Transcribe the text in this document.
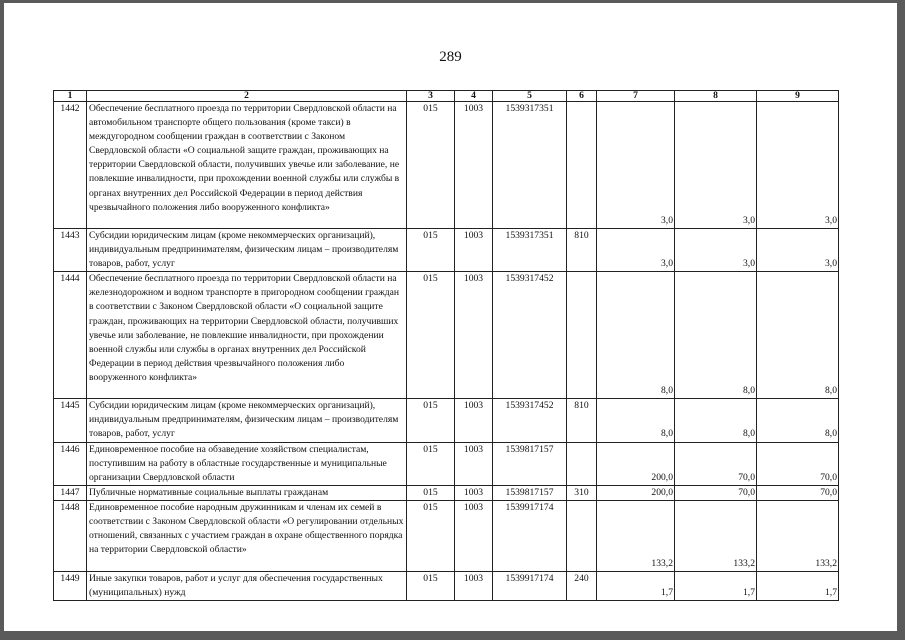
289
1	2	3	4	5	6	7	8	9
1442	Обеспечение бесплатного проезда по территории Свердловской области на автомобильном транспорте общего пользования (кроме такси) в междугородном сообщении граждан в соответствии с Законом Свердловской области «О социальной защите граждан, проживающих на территории Свердловской области, получивших увечье или заболевание, не повлекшие инвалидности, при прохождении военной службы или службы в органах внутренних дел Российской Федерации в период действия чрезвычайного положения либо вооруженного конфликта»	015	1003	1539317351		3,0	3,0	3,0
1443	Субсидии юридическим лицам (кроме некоммерческих организаций), индивидуальным предпринимателям, физическим лицам – производителям товаров, работ, услуг	015	1003	1539317351	810	3,0	3,0	3,0
1444	Обеспечение бесплатного проезда по территории Свердловской области на железнодорожном и водном транспорте в пригородном сообщении граждан в соответствии с Законом Свердловской области «О социальной защите граждан, проживающих на территории Свердловской области, получивших увечье или заболевание, не повлекшие инвалидности, при прохождении военной службы или службы в органах внутренних дел Российской Федерации в период действия чрезвычайного положения либо вооруженного конфликта»	015	1003	1539317452		8,0	8,0	8,0
1445	Субсидии юридическим лицам (кроме некоммерческих организаций), индивидуальным предпринимателям, физическим лицам – производителям товаров, работ, услуг	015	1003	1539317452	810	8,0	8,0	8,0
1446	Единовременное пособие на обзаведение хозяйством специалистам, поступившим на работу в областные государственные и муниципальные организации Свердловской области	015	1003	1539817157		200,0	70,0	70,0
1447	Публичные нормативные социальные выплаты гражданам	015	1003	1539817157	310	200,0	70,0	70,0
1448	Единовременное пособие народным дружинникам и членам их семей в соответствии с Законом Свердловской области «О регулировании отдельных отношений, связанных с участием граждан в охране общественного порядка на территории Свердловской области»	015	1003	1539917174		133,2	133,2	133,2
1449	Иные закупки товаров, работ и услуг для обеспечения государственных (муниципальных) нужд	015	1003	1539917174	240	1,7	1,7	1,7
